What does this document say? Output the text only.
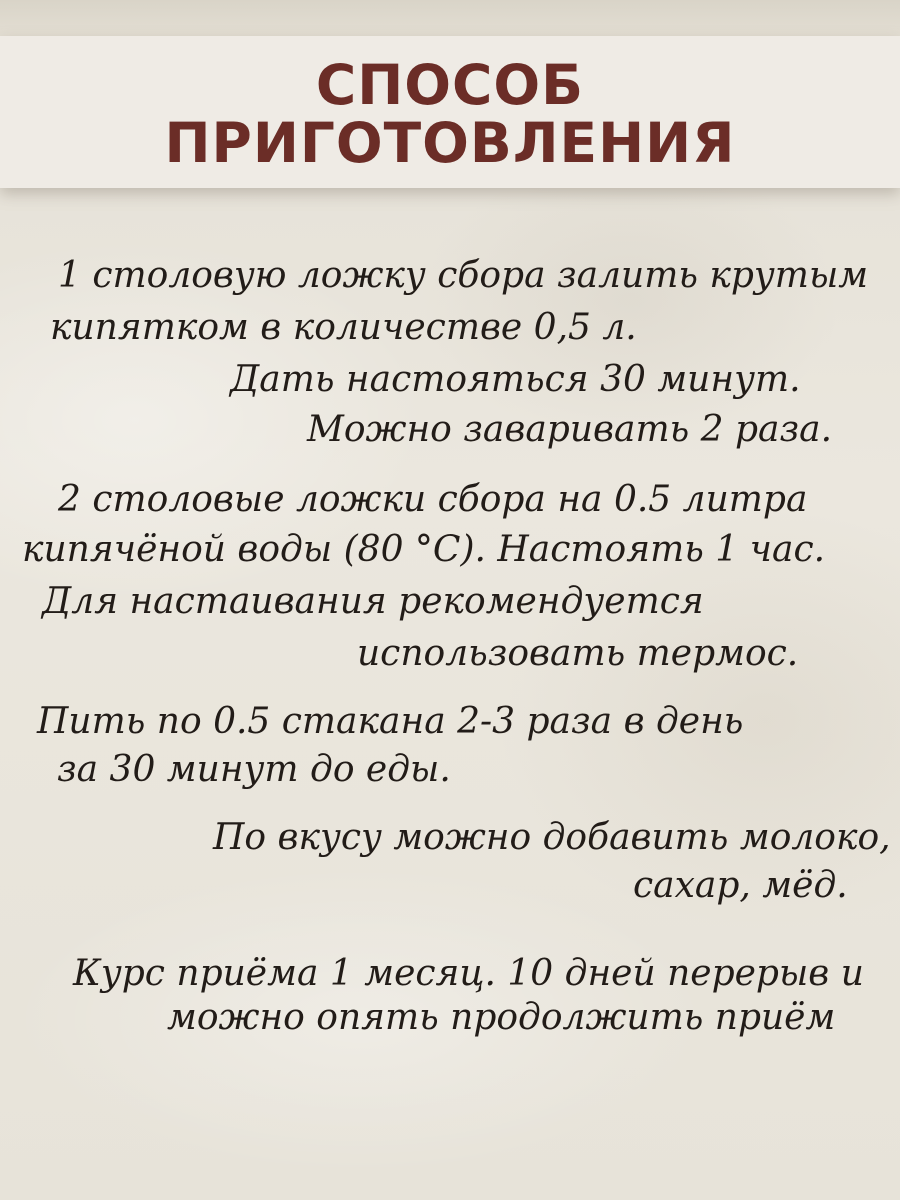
СПОСОБ
ПРИГОТОВЛЕНИЯ

1 столовую ложку сбора залить крутым

кипятком в количестве 0,5 л.

Дать настояться 30 минут.

Можно заваривать 2 раза.

2 столовые ложки сбора на 0.5 литра

кипячёной воды (80 °С). Настоять 1 час.

Для настаивания рекомендуется

использовать термос.

Пить по 0.5 стакана 2-3 раза в день

за 30 минут до еды.

По вкусу можно добавить молоко,

сахар, мёд.

Курс приёма 1 месяц. 10 дней перерыв и

можно опять продолжить приём
